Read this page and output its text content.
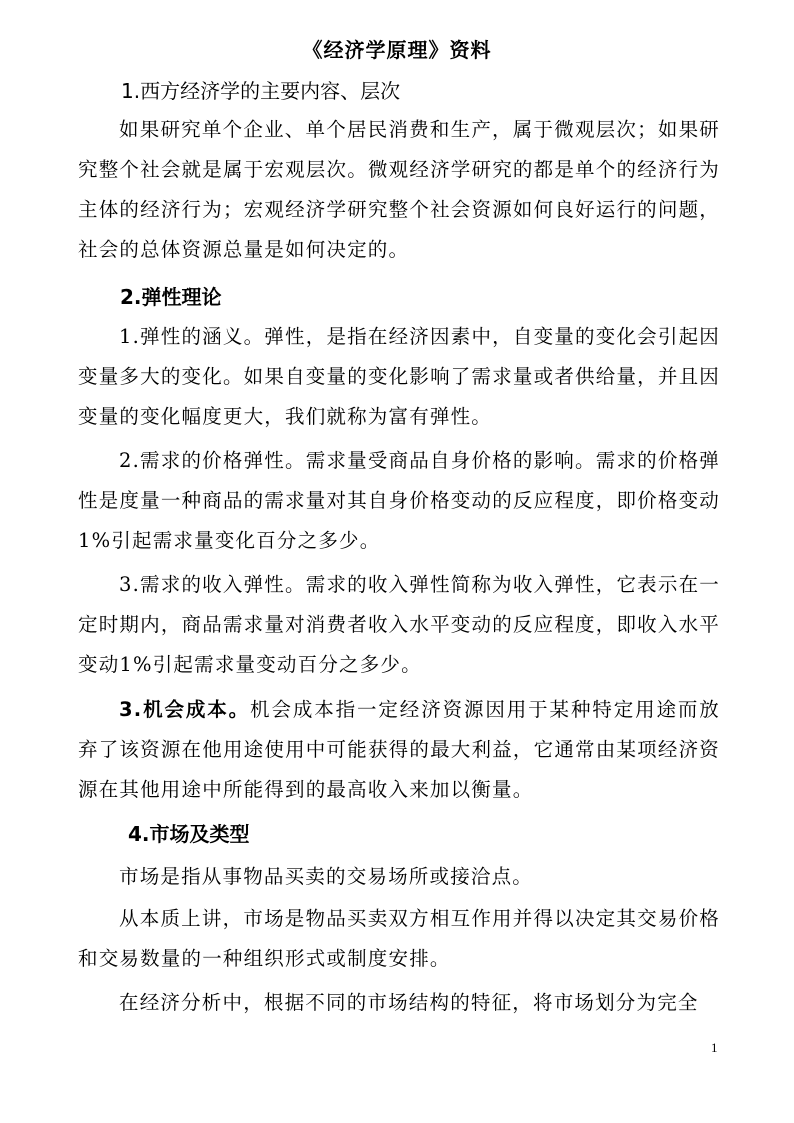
《经济学原理》资料
1.西方经济学的主要内容、层次
如果研究单个企业、单个居民消费和生产，属于微观层次；如果研究整个社会就是属于宏观层次。微观经济学研究的都是单个的经济行为主体的经济行为；宏观经济学研究整个社会资源如何良好运行的问题，社会的总体资源总量是如何决定的。
2.弹性理论
1.弹性的涵义。弹性，是指在经济因素中，自变量的变化会引起因变量多大的变化。如果自变量的变化影响了需求量或者供给量，并且因变量的变化幅度更大，我们就称为富有弹性。
2.需求的价格弹性。需求量受商品自身价格的影响。需求的价格弹性是度量一种商品的需求量对其自身价格变动的反应程度，即价格变动1%引起需求量变化百分之多少。
3.需求的收入弹性。需求的收入弹性简称为收入弹性，它表示在一定时期内，商品需求量对消费者收入水平变动的反应程度，即收入水平变动1%引起需求量变动百分之多少。
3.机会成本。机会成本指一定经济资源因用于某种特定用途而放弃了该资源在他用途使用中可能获得的最大利益，它通常由某项经济资源在其他用途中所能得到的最高收入来加以衡量。
4.市场及类型
市场是指从事物品买卖的交易场所或接洽点。
从本质上讲，市场是物品买卖双方相互作用并得以决定其交易价格和交易数量的一种组织形式或制度安排。
在经济分析中，根据不同的市场结构的特征，将市场划分为完全
1
